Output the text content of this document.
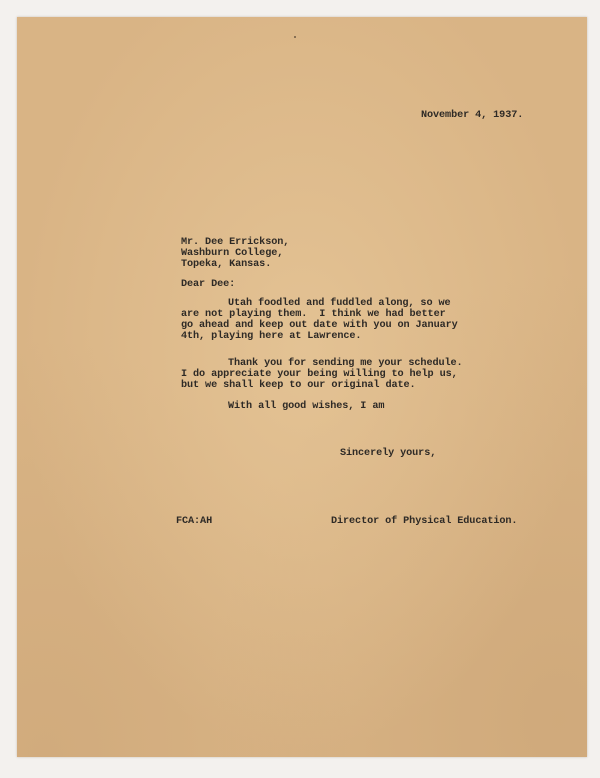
November 4, 1937.
Mr. Dee Errickson,
Washburn College,
Topeka, Kansas.
Dear Dee:
Utah foodled and fuddled along, so we
are not playing them.  I think we had better
go ahead and keep out date with you on January
4th, playing here at Lawrence.
Thank you for sending me your schedule.
I do appreciate your being willing to help us,
but we shall keep to our original date.
With all good wishes, I am
Sincerely yours,
FCA:AH	Director of Physical Education.
